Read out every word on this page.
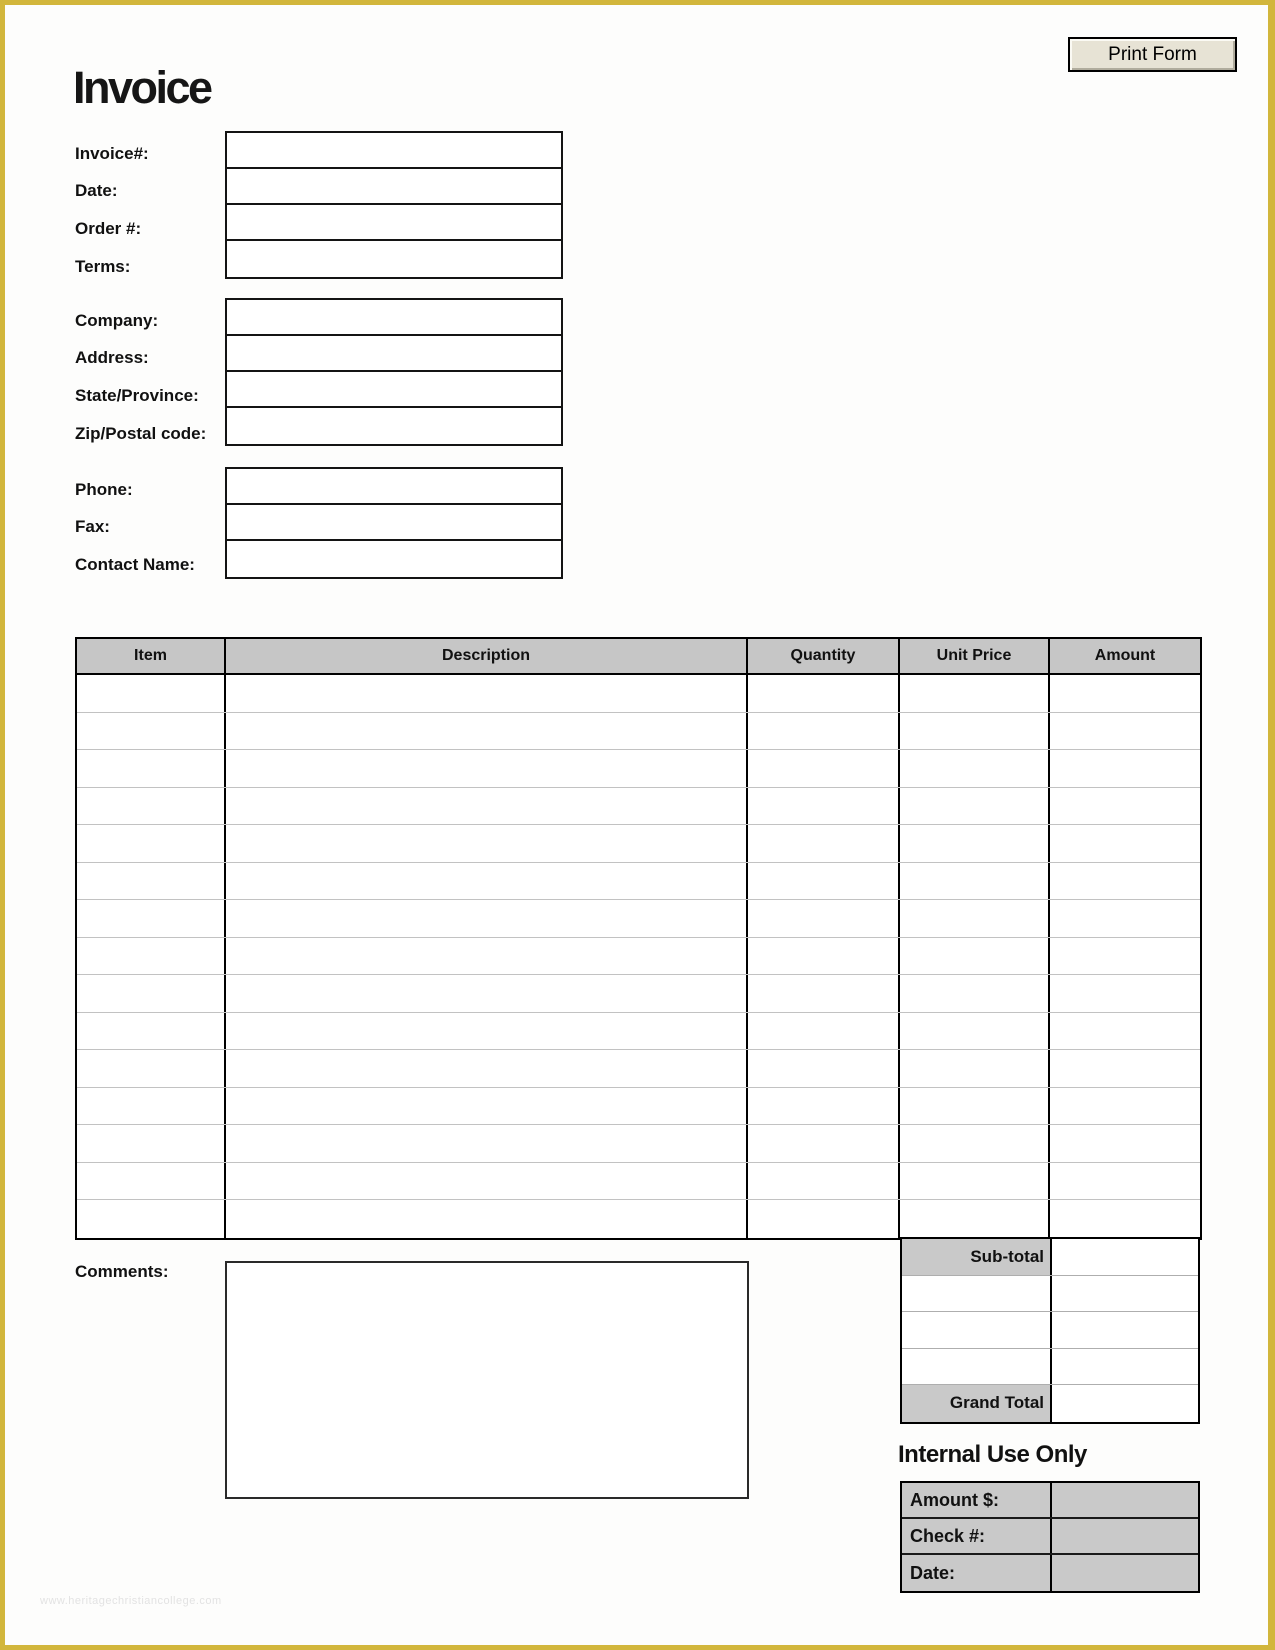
Print Form
Invoice
Invoice#:
Date:
Order #:
Terms:
Company:
Address:
State/Province:
Zip/Postal code:
Phone:
Fax:
Contact Name:
Item	Description	Quantity	Unit Price	Amount
Comments:
Sub-total
Grand Total
Internal Use Only
Amount $:
Check #:
Date:
www.heritagechristiancollege.com
